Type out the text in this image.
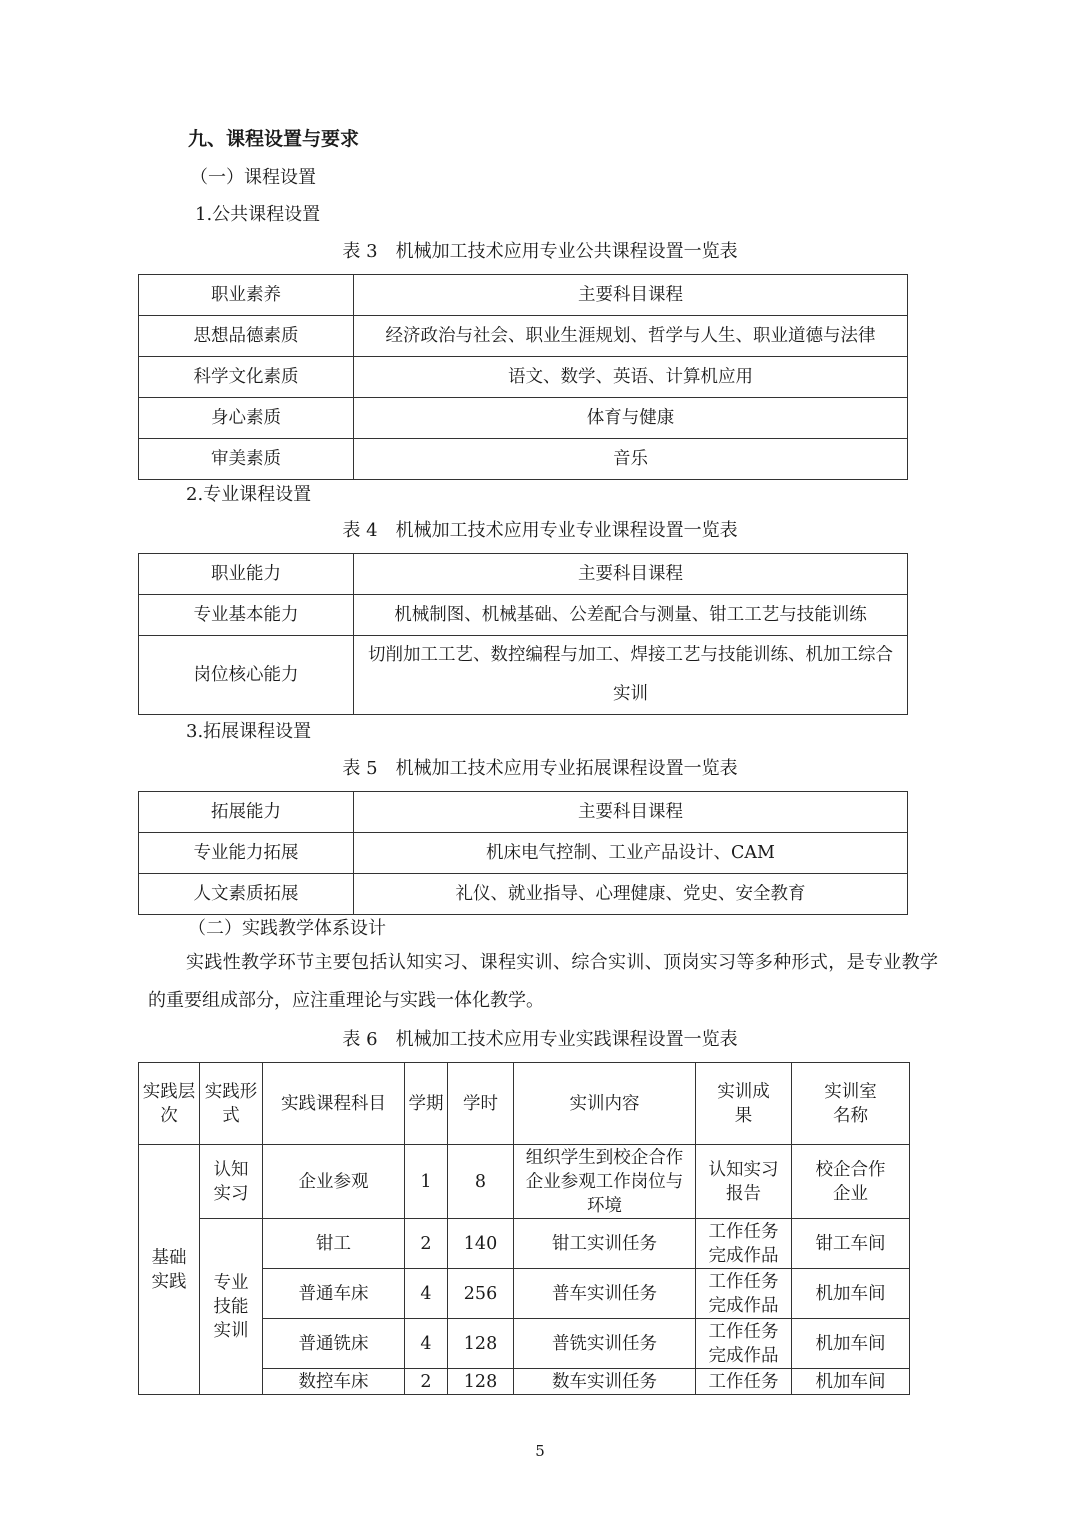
九、课程设置与要求
（一）课程设置
1.公共课程设置
表 3　机械加工技术应用专业公共课程设置一览表
职业素养	主要科目课程
思想品德素质	经济政治与社会、职业生涯规划、哲学与人生、职业道德与法律
科学文化素质	语文、数学、英语、计算机应用
身心素质	体育与健康
审美素质	音乐
2.专业课程设置
表 4　机械加工技术应用专业专业课程设置一览表
职业能力	主要科目课程
专业基本能力	机械制图、机械基础、公差配合与测量、钳工工艺与技能训练
岗位核心能力	切削加工工艺、数控编程与加工、焊接工艺与技能训练、机加工综合实训
3.拓展课程设置
表 5　机械加工技术应用专业拓展课程设置一览表
拓展能力	主要科目课程
专业能力拓展	机床电气控制、工业产品设计、CAM
人文素质拓展	礼仪、就业指导、心理健康、党史、安全教育
（二）实践教学体系设计
实践性教学环节主要包括认知实习、课程实训、综合实训、顶岗实习等多种形式，是专业教学的重要组成部分，应注重理论与实践一体化教学。
表 6　机械加工技术应用专业实践课程设置一览表
实践层次	实践形式	实践课程科目	学期	学时	实训内容	实训成果	实训室名称
基础实践	认知实习	企业参观	1	8	组织学生到校企合作企业参观工作岗位与环境	认知实习报告	校企合作企业
	专业技能实训	钳工	2	140	钳工实训任务	工作任务完成作品	钳工车间
		普通车床	4	256	普车实训任务	工作任务完成作品	机加车间
		普通铣床	4	128	普铣实训任务	工作任务完成作品	机加车间
		数控车床	2	128	数车实训任务	工作任务	机加车间
5
